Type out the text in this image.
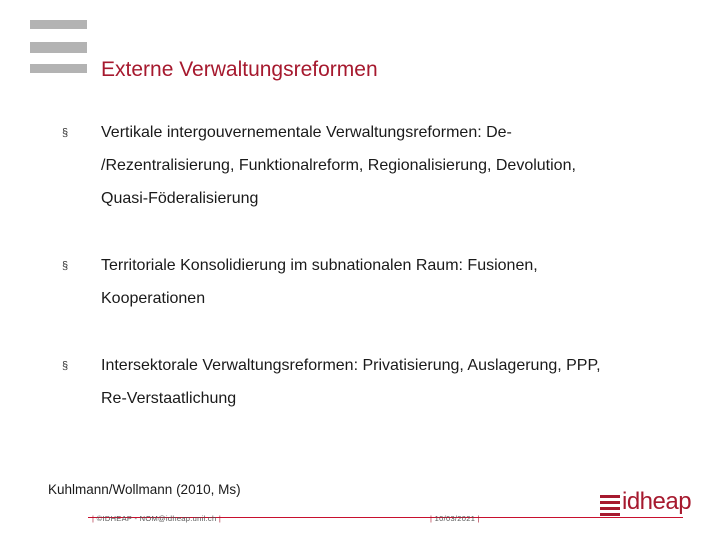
Externe Verwaltungsreformen
§ Vertikale intergouvernementale Verwaltungsreformen: De-
/Rezentralisierung, Funktionalreform, Regionalisierung, Devolution,
Quasi-Föderalisierung
§ Territoriale Konsolidierung im subnationalen Raum: Fusionen,
Kooperationen
§ Intersektorale Verwaltungsreformen: Privatisierung, Auslagerung, PPP,
Re-Verstaatlichung
Kuhlmann/Wollmann (2010, Ms)	idheap
| ©IDHEAP - NOM@idheap.unil.ch |	| 10/03/2021 |
